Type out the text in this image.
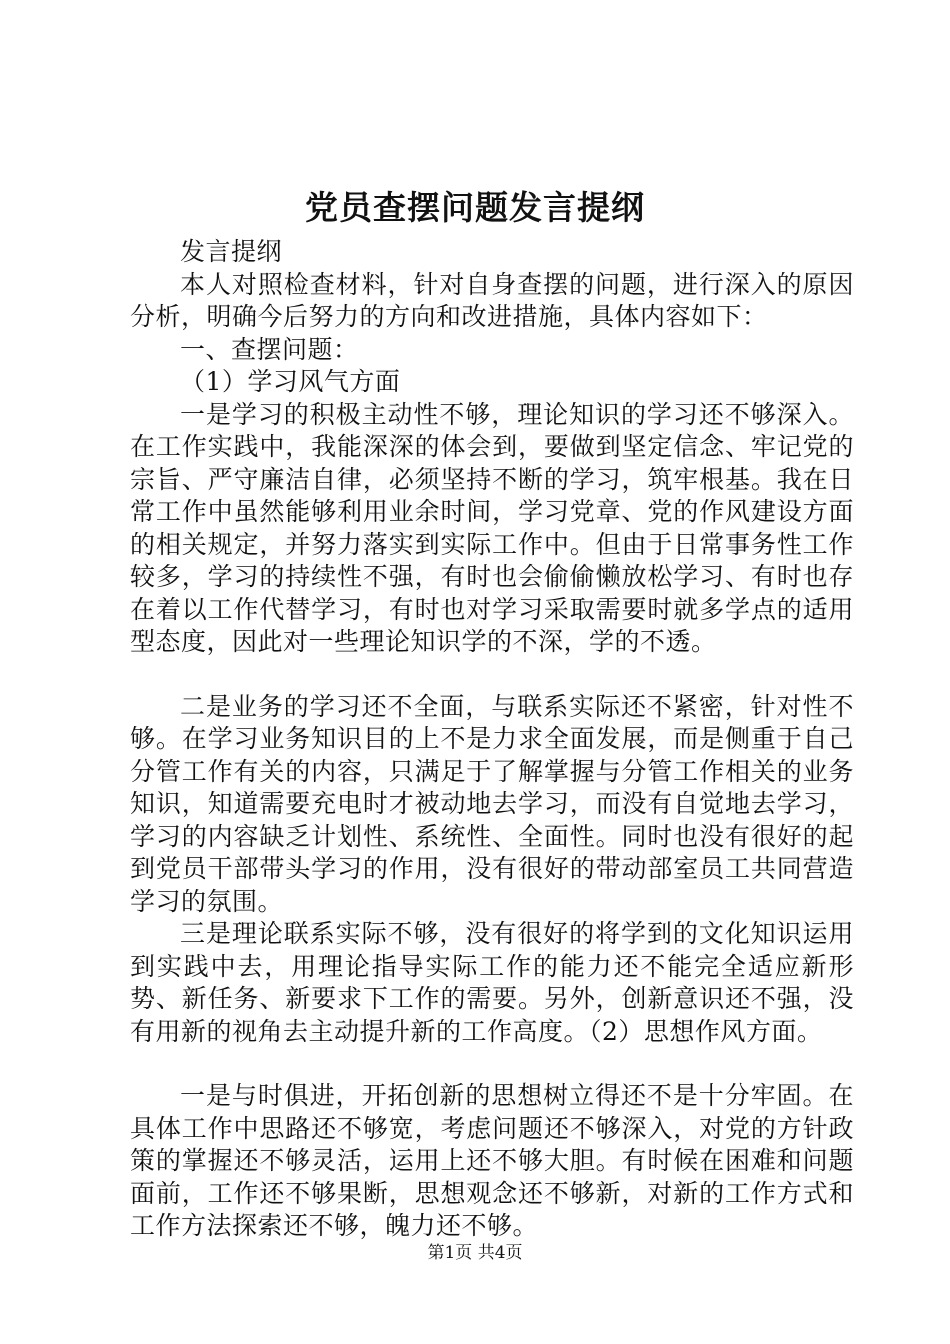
党员查摆问题发言提纲

发言提纲

本人对照检查材料，针对自身查摆的问题，进行深入的原因分析，明确今后努力的方向和改进措施，具体内容如下：

一、查摆问题：

（1）学习风气方面

一是学习的积极主动性不够，理论知识的学习还不够深入。在工作实践中，我能深深的体会到，要做到坚定信念、牢记党的宗旨、严守廉洁自律，必须坚持不断的学习，筑牢根基。我在日常工作中虽然能够利用业余时间，学习党章、党的作风建设方面的相关规定，并努力落实到实际工作中。但由于日常事务性工作较多，学习的持续性不强，有时也会偷偷懒放松学习、有时也存在着以工作代替学习，有时也对学习采取需要时就多学点的适用型态度，因此对一些理论知识学的不深，学的不透。

二是业务的学习还不全面，与联系实际还不紧密，针对性不够。在学习业务知识目的上不是力求全面发展，而是侧重于自己分管工作有关的内容，只满足于了解掌握与分管工作相关的业务知识，知道需要充电时才被动地去学习，而没有自觉地去学习，学习的内容缺乏计划性、系统性、全面性。同时也没有很好的起到党员干部带头学习的作用，没有很好的带动部室员工共同营造学习的氛围。

三是理论联系实际不够，没有很好的将学到的文化知识运用到实践中去，用理论指导实际工作的能力还不能完全适应新形势、新任务、新要求下工作的需要。另外，创新意识还不强，没有用新的视角去主动提升新的工作高度。（2）思想作风方面。

一是与时俱进，开拓创新的思想树立得还不是十分牢固。在具体工作中思路还不够宽，考虑问题还不够深入，对党的方针政策的掌握还不够灵活，运用上还不够大胆。有时候在困难和问题面前，工作还不够果断，思想观念还不够新，对新的工作方式和工作方法探索还不够，魄力还不够。

第1页 共4页
